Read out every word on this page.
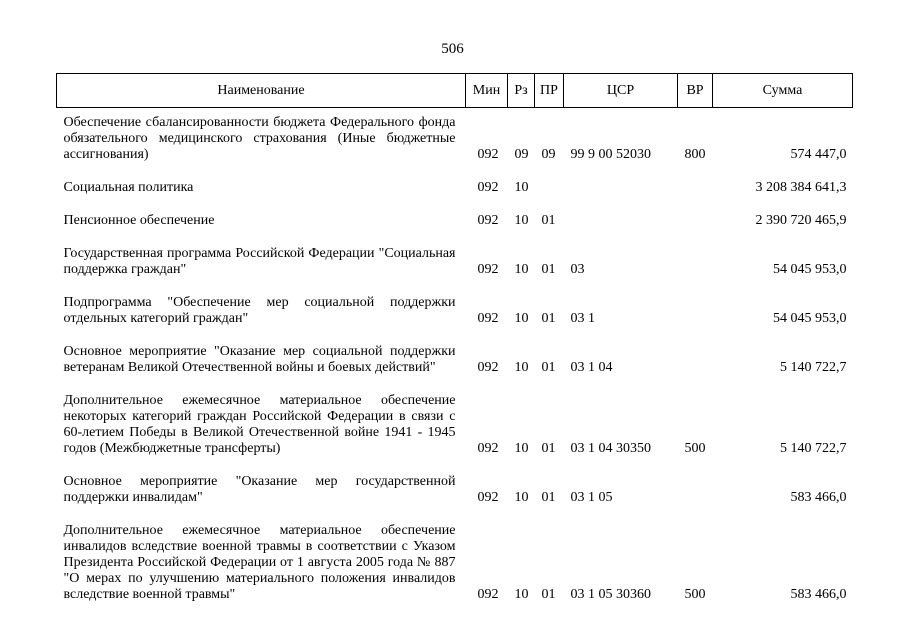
506
Наименование	Мин	Рз	ПР	ЦСР	ВР	Сумма
Обеспечение сбалансированности бюджета Федерального фонда обязательного медицинского страхования (Иные бюджетные ассигнования)	092	09	09	99 9 00 52030	800	574 447,0
Социальная политика	092	10				3 208 384 641,3
Пенсионное обеспечение	092	10	01			2 390 720 465,9
Государственная программа Российской Федерации "Социальная поддержка граждан"	092	10	01	03		54 045 953,0
Подпрограмма "Обеспечение мер социальной поддержки отдельных категорий граждан"	092	10	01	03 1		54 045 953,0
Основное мероприятие "Оказание мер социальной поддержки ветеранам Великой Отечественной войны и боевых действий"	092	10	01	03 1 04		5 140 722,7
Дополнительное ежемесячное материальное обеспечение некоторых категорий граждан Российской Федерации в связи с 60-летием Победы в Великой Отечественной войне 1941 - 1945 годов (Межбюджетные трансферты)	092	10	01	03 1 04 30350	500	5 140 722,7
Основное мероприятие "Оказание мер государственной поддержки инвалидам"	092	10	01	03 1 05		583 466,0
Дополнительное ежемесячное материальное обеспечение инвалидов вследствие военной травмы в соответствии с Указом Президента Российской Федерации от 1 августа 2005 года № 887 "О мерах по улучшению материального положения инвалидов вследствие военной травмы"	092	10	01	03 1 05 30360	500	583 466,0
